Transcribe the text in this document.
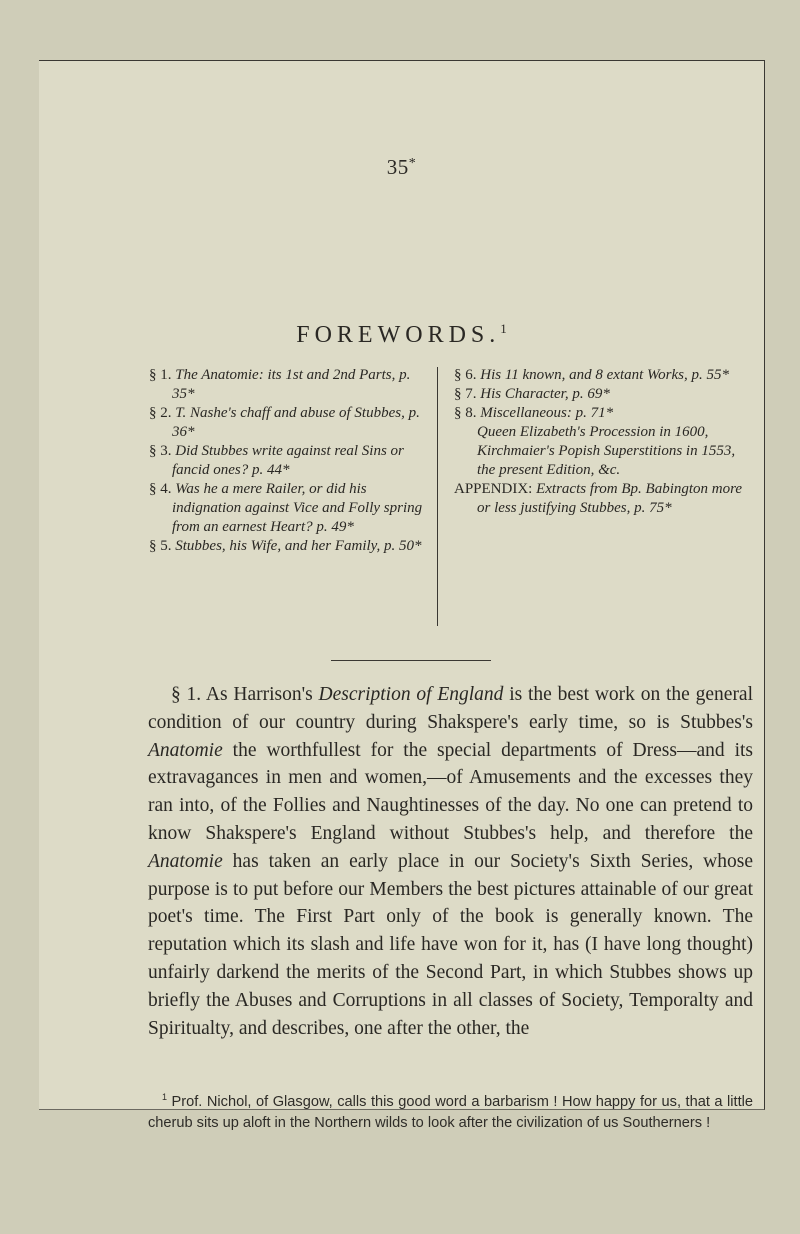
35*
FOREWORDS.$^1$

§ 1. The Anatomie: its 1st and 2nd Parts, p. 35*

§ 2. T. Nashe's chaff and abuse of Stubbes, p. 36*

§ 3. Did Stubbes write against real Sins or fancid ones? p. 44*

§ 4. Was he a mere Railer, or did his indignation against Vice and Folly spring from an earnest Heart? p. 49*

§ 5. Stubbes, his Wife, and her Family, p. 50*

§ 6. His 11 known, and 8 extant Works, p. 55*

§ 7. His Character, p. 69*

§ 8. Miscellaneous: p. 71*

Queen Elizabeth's Procession in 1600, Kirchmaier's Popish Superstitions in 1553, the present Edition, &c.

APPENDIX: Extracts from Bp. Babington more or less justifying Stubbes, p. 75*

§ 1. As Harrison's Description of England is the best work on the general condition of our country during Shakspere's early time, so is Stubbes's Anatomie the worthfullest for the special departments of Dress—and its extravagances in men and women,—of Amusements and the excesses they ran into, of the Follies and Naughtinesses of the day. No one can pretend to know Shakspere's England without Stubbes's help, and therefore the Anatomie has taken an early place in our Society's Sixth Series, whose purpose is to put before our Members the best pictures attainable of our great poet's time. The First Part only of the book is generally known. The reputation which its slash and life have won for it, has (I have long thought) unfairly darkend the merits of the Second Part, in which Stubbes shows up briefly the Abuses and Corruptions in all classes of Society, Temporalty and Spiritualty, and describes, one after the other, the

$^1$ Prof. Nichol, of Glasgow, calls this good word a barbarism ! How happy for us, that a little cherub sits up aloft in the Northern wilds to look after the civilization of us Southerners !
